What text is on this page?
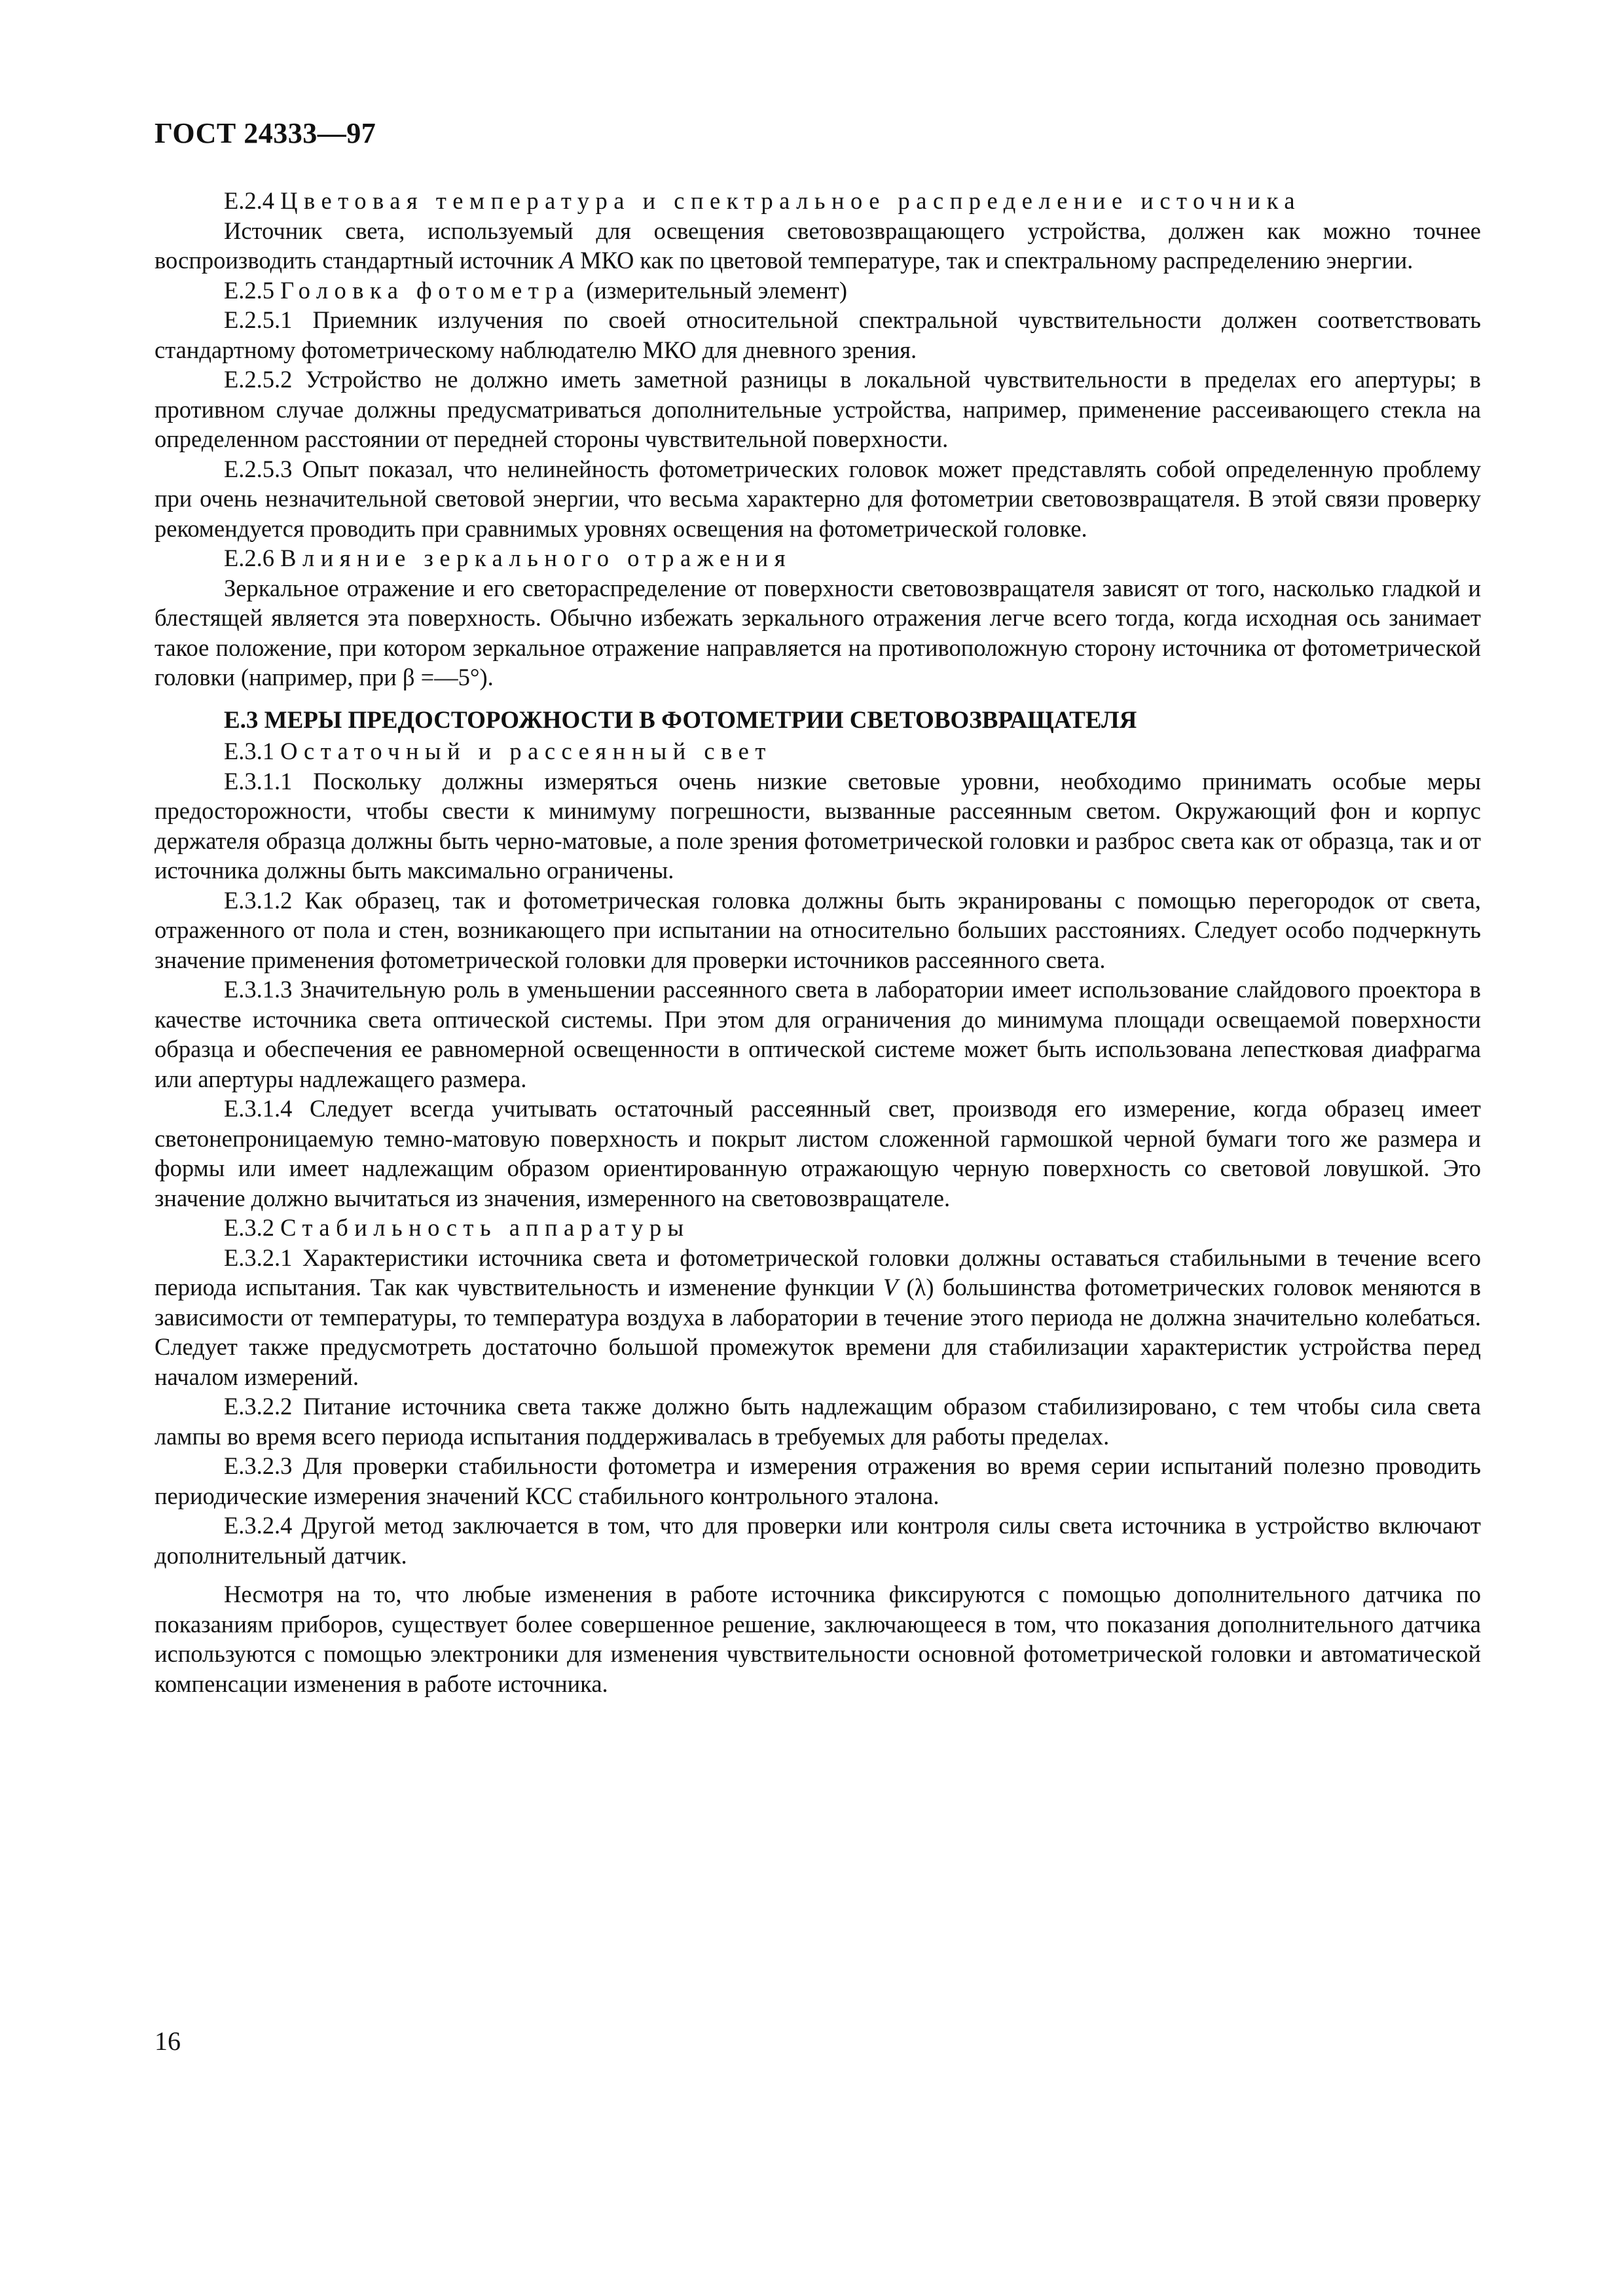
ГОСТ 24333—97

Е.2.4 Цветовая температура и спектральное распределение источника

Источник света, используемый для освещения световозвращающего устройства, должен как можно точнее воспроизводить стандартный источник A МКО как по цветовой температуре, так и спектральному распределению энергии.

Е.2.5 Головка фотометра (измерительный элемент)

Е.2.5.1 Приемник излучения по своей относительной спектральной чувствительности должен соответствовать стандартному фотометрическому наблюдателю МКО для дневного зрения.

Е.2.5.2 Устройство не должно иметь заметной разницы в локальной чувствительности в пределах его апертуры; в противном случае должны предусматриваться дополнительные устройства, например, применение рассеивающего стекла на определенном расстоянии от передней стороны чувствительной поверхности.

Е.2.5.3 Опыт показал, что нелинейность фотометрических головок может представлять собой определенную проблему при очень незначительной световой энергии, что весьма характерно для фотометрии световозвращателя. В этой связи проверку рекомендуется проводить при сравнимых уровнях освещения на фотометрической головке.

Е.2.6 Влияние зеркального отражения

Зеркальное отражение и его светораспределение от поверхности световозвращателя зависят от того, насколько гладкой и блестящей является эта поверхность. Обычно избежать зеркального отражения легче всего тогда, когда исходная ось занимает такое положение, при котором зеркальное отражение направляется на противоположную сторону источника от фотометрической головки (например, при β =—5°).

Е.3 МЕРЫ ПРЕДОСТОРОЖНОСТИ В ФОТОМЕТРИИ СВЕТОВОЗВРАЩАТЕЛЯ

Е.3.1 Остаточный и рассеянный свет

Е.3.1.1 Поскольку должны измеряться очень низкие световые уровни, необходимо принимать особые меры предосторожности, чтобы свести к минимуму погрешности, вызванные рассеянным светом. Окружающий фон и корпус держателя образца должны быть черно-матовые, а поле зрения фотометрической головки и разброс света как от образца, так и от источника должны быть максимально ограничены.

Е.3.1.2 Как образец, так и фотометрическая головка должны быть экранированы с помощью перегородок от света, отраженного от пола и стен, возникающего при испытании на относительно больших расстояниях. Следует особо подчеркнуть значение применения фотометрической головки для проверки источников рассеянного света.

Е.3.1.3 Значительную роль в уменьшении рассеянного света в лаборатории имеет использование слайдового проектора в качестве источника света оптической системы. При этом для ограничения до минимума площади освещаемой поверхности образца и обеспечения ее равномерной освещенности в оптической системе может быть использована лепестковая диафрагма или апертуры надлежащего размера.

Е.3.1.4 Следует всегда учитывать остаточный рассеянный свет, производя его измерение, когда образец имеет светонепроницаемую темно-матовую поверхность и покрыт листом сложенной гармошкой черной бумаги того же размера и формы или имеет надлежащим образом ориентированную отражающую черную поверхность со световой ловушкой. Это значение должно вычитаться из значения, измеренного на световозвращателе.

Е.3.2 Стабильность аппаратуры

Е.3.2.1 Характеристики источника света и фотометрической головки должны оставаться стабильными в течение всего периода испытания. Так как чувствительность и изменение функции V (λ) большинства фотометрических головок меняются в зависимости от температуры, то температура воздуха в лаборатории в течение этого периода не должна значительно колебаться. Следует также предусмотреть достаточно большой промежуток времени для стабилизации характеристик устройства перед началом измерений.

Е.3.2.2 Питание источника света также должно быть надлежащим образом стабилизировано, с тем чтобы сила света лампы во время всего периода испытания поддерживалась в требуемых для работы пределах.

Е.3.2.3 Для проверки стабильности фотометра и измерения отражения во время серии испытаний полезно проводить периодические измерения значений КСС стабильного контрольного эталона.

Е.3.2.4 Другой метод заключается в том, что для проверки или контроля силы света источника в устройство включают дополнительный датчик.

Несмотря на то, что любые изменения в работе источника фиксируются с помощью дополнительного датчика по показаниям приборов, существует более совершенное решение, заключающееся в том, что показания дополнительного датчика используются с помощью электроники для изменения чувствительности основной фотометрической головки и автоматической компенсации изменения в работе источника.

16
